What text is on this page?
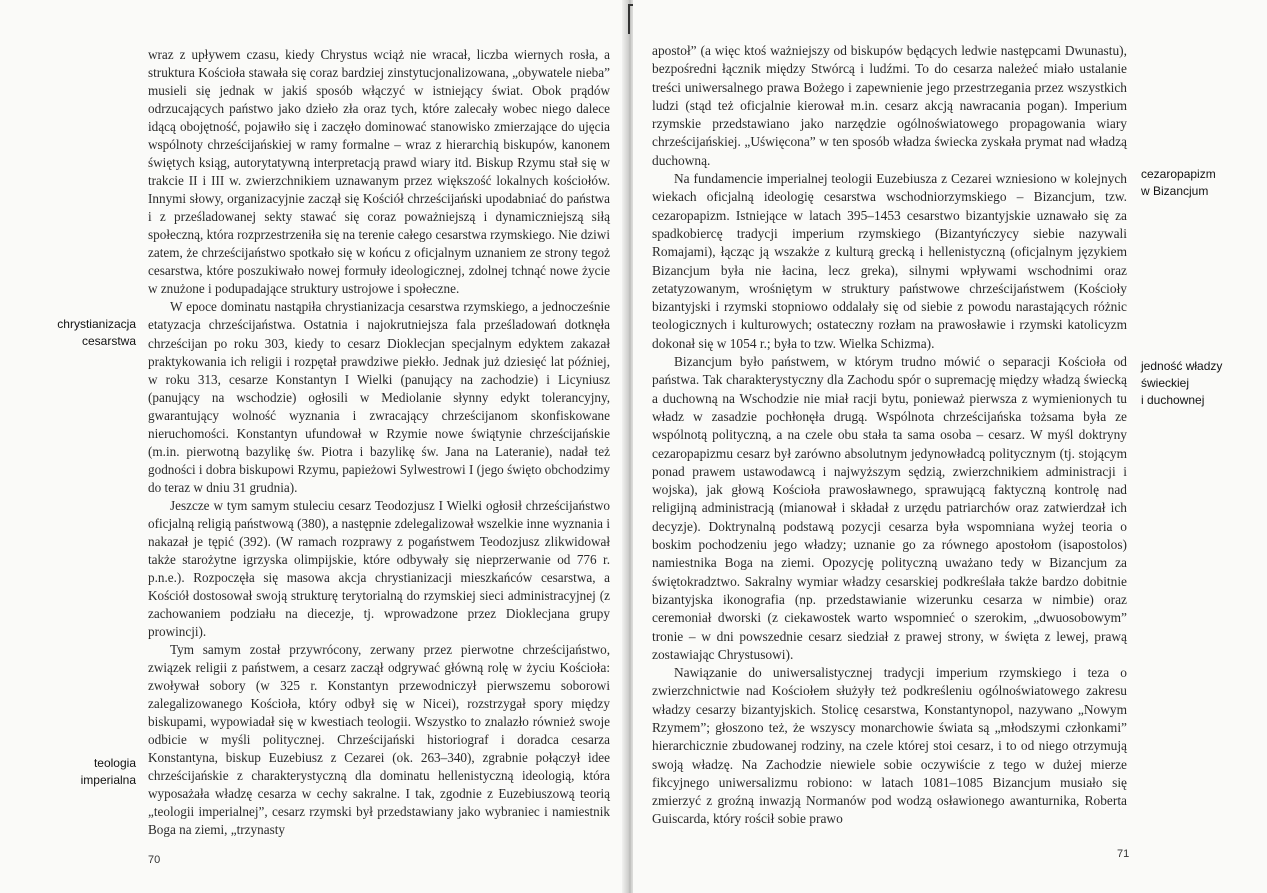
wraz z upływem czasu, kiedy Chrystus wciąż nie wracał, liczba wiernych rosła, a struktura Kościoła stawała się coraz bardziej zinstytucjonalizowana, „obywatele nieba” musieli się jednak w jakiś sposób włączyć w istniejący świat. Obok prądów odrzucających państwo jako dzieło zła oraz tych, które zalecały wobec niego dalece idącą obojętność, pojawiło się i zaczęło dominować stanowisko zmierzające do ujęcia wspólnoty chrześcijańskiej w ramy formalne – wraz z hierarchią biskupów, kanonem świętych ksiąg, autorytatywną interpretacją prawd wiary itd. Biskup Rzymu stał się w trakcie II i III w. zwierzchnikiem uznawanym przez większość lokalnych kościołów. Innymi słowy, organizacyjnie zaczął się Kościół chrześcijański upodabniać do państwa i z prześladowanej sekty stawać się coraz poważniejszą i dynamiczniejszą siłą społeczną, która rozprzestrzeniła się na terenie całego cesarstwa rzymskiego. Nie dziwi zatem, że chrześcijaństwo spotkało się w końcu z oficjalnym uznaniem ze strony tegoż cesarstwa, które poszukiwało nowej formuły ideologicznej, zdolnej tchnąć nowe życie w znużone i podupadające struktury ustrojowe i społeczne.

W epoce dominatu nastąpiła chrystianizacja cesarstwa rzymskiego, a jednocześnie etatyzacja chrześcijaństwa. Ostatnia i najokrutniejsza fala prześladowań dotknęła chrześcijan po roku 303, kiedy to cesarz Dioklecjan specjalnym edyktem zakazał praktykowania ich religii i rozpętał prawdziwe piekło. Jednak już dziesięć lat później, w roku 313, cesarze Konstantyn I Wielki (panujący na zachodzie) i Licyniusz (panujący na wschodzie) ogłosili w Mediolanie słynny edykt tolerancyjny, gwarantujący wolność wyznania i zwracający chrześcijanom skonfiskowane nieruchomości. Konstantyn ufundował w Rzymie nowe świątynie chrześcijańskie (m.in. pierwotną bazylikę św. Piotra i bazylikę św. Jana na Lateranie), nadał też godności i dobra biskupowi Rzymu, papieżowi Sylwestrowi I (jego święto obchodzimy do teraz w dniu 31 grudnia).

Jeszcze w tym samym stuleciu cesarz Teodozjusz I Wielki ogłosił chrześcijaństwo oficjalną religią państwową (380), a następnie zdelegalizował wszelkie inne wyznania i nakazał je tępić (392). (W ramach rozprawy z pogaństwem Teodozjusz zlikwidował także starożytne igrzyska olimpijskie, które odbywały się nieprzerwanie od 776 r. p.n.e.). Rozpoczęła się masowa akcja chrystianizacji mieszkańców cesarstwa, a Kościół dostosował swoją strukturę terytorialną do rzymskiej sieci administracyjnej (z zachowaniem podziału na diecezje, tj. wprowadzone przez Dioklecjana grupy prowincji).

Tym samym został przywrócony, zerwany przez pierwotne chrześcijaństwo, związek religii z państwem, a cesarz zaczął odgrywać główną rolę w życiu Kościoła: zwoływał sobory (w 325 r. Konstantyn przewodniczył pierwszemu soborowi zalegalizowanego Kościoła, który odbył się w Nicei), rozstrzygał spory między biskupami, wypowiadał się w kwestiach teologii. Wszystko to znalazło również swoje odbicie w myśli politycznej. Chrześcijański historiograf i doradca cesarza Konstantyna, biskup Euzebiusz z Cezarei (ok. 263–340), zgrabnie połączył idee chrześcijańskie z charakterystyczną dla dominatu hellenistyczną ideologią, która wyposażała władzę cesarza w cechy sakralne. I tak, zgodnie z Euzebiuszową teorią „teologii imperialnej”, cesarz rzymski był przedstawiany jako wybraniec i namiestnik Boga na ziemi, „trzynasty

chrystianizacja
cesarstwa
teologia
imperialna
70

apostoł” (a więc ktoś ważniejszy od biskupów będących ledwie następcami Dwunastu), bezpośredni łącznik między Stwórcą i ludźmi. To do cesarza należeć miało ustalanie treści uniwersalnego prawa Bożego i zapewnienie jego przestrzegania przez wszystkich ludzi (stąd też oficjalnie kierował m.in. cesarz akcją nawracania pogan). Imperium rzymskie przedstawiano jako narzędzie ogólnoświatowego propagowania wiary chrześcijańskiej. „Uświęcona” w ten sposób władza świecka zyskała prymat nad władzą duchowną.

Na fundamencie imperialnej teologii Euzebiusza z Cezarei wzniesiono w kolejnych wiekach oficjalną ideologię cesarstwa wschodniorzymskiego – Bizancjum, tzw. cezaropapizm. Istniejące w latach 395–1453 cesarstwo bizantyjskie uznawało się za spadkobiercę tradycji imperium rzymskiego (Bizantyńczycy siebie nazywali Romajami), łącząc ją wszakże z kulturą grecką i hellenistyczną (oficjalnym językiem Bizancjum była nie łacina, lecz greka), silnymi wpływami wschodnimi oraz zetatyzowanym, wrośniętym w struktury państwowe chrześcijaństwem (Kościoły bizantyjski i rzymski stopniowo oddalały się od siebie z powodu narastających różnic teologicznych i kulturowych; ostateczny rozłam na prawosławie i rzymski katolicyzm dokonał się w 1054 r.; była to tzw. Wielka Schizma).

Bizancjum było państwem, w którym trudno mówić o separacji Kościoła od państwa. Tak charakterystyczny dla Zachodu spór o supremację między władzą świecką a duchowną na Wschodzie nie miał racji bytu, ponieważ pierwsza z wymienionych tu władz w zasadzie pochłonęła drugą. Wspólnota chrześcijańska tożsama była ze wspólnotą polityczną, a na czele obu stała ta sama osoba – cesarz. W myśl doktryny cezaropapizmu cesarz był zarówno absolutnym jedynowładcą politycznym (tj. stojącym ponad prawem ustawodawcą i najwyższym sędzią, zwierzchnikiem administracji i wojska), jak głową Kościoła prawosławnego, sprawującą faktyczną kontrolę nad religijną administracją (mianował i składał z urzędu patriarchów oraz zatwierdzał ich decyzje). Doktrynalną podstawą pozycji cesarza była wspomniana wyżej teoria o boskim pochodzeniu jego władzy; uznanie go za równego apostołom (isapostolos) namiestnika Boga na ziemi. Opozycję polityczną uważano tedy w Bizancjum za świętokradztwo. Sakralny wymiar władzy cesarskiej podkreślała także bardzo dobitnie bizantyjska ikonografia (np. przedstawianie wizerunku cesarza w nimbie) oraz ceremoniał dworski (z ciekawostek warto wspomnieć o szerokim, „dwuosobowym” tronie – w dni powszednie cesarz siedział z prawej strony, w święta z lewej, prawą zostawiając Chrystusowi).

Nawiązanie do uniwersalistycznej tradycji imperium rzymskiego i teza o zwierzchnictwie nad Kościołem służyły też podkreśleniu ogólnoświatowego zakresu władzy cesarzy bizantyjskich. Stolicę cesarstwa, Konstantynopol, nazywano „Nowym Rzymem”; głoszono też, że wszyscy monarchowie świata są „młodszymi członkami” hierarchicznie zbudowanej rodziny, na czele której stoi cesarz, i to od niego otrzymują swoją władzę. Na Zachodzie niewiele sobie oczywiście z tego w dużej mierze fikcyjnego uniwersalizmu robiono: w latach 1081–1085 Bizancjum musiało się zmierzyć z groźną inwazją Normanów pod wodzą osławionego awanturnika, Roberta Guiscarda, który rościł sobie prawo

cezaropapizm
w Bizancjum
jedność władzy
świeckiej
i duchownej
71
